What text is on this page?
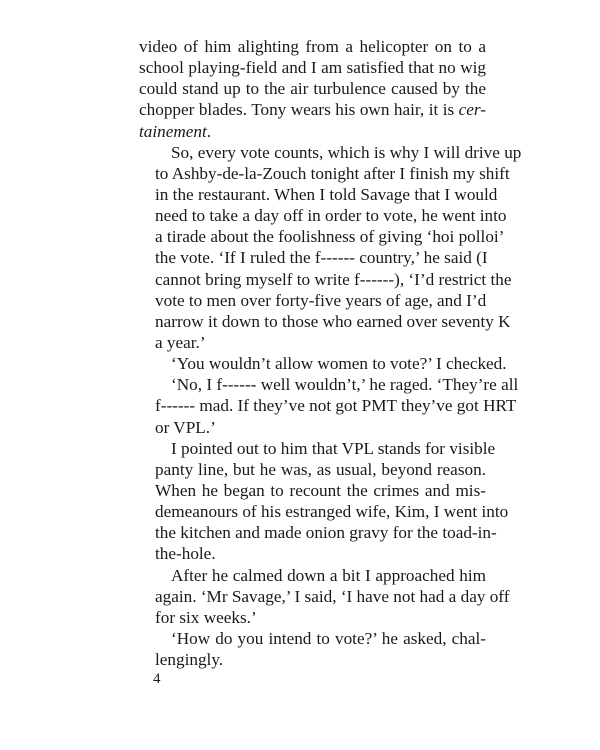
video of him alighting from a helicopter on to a
school playing-field and I am satisfied that no wig
could stand up to the air turbulence caused by the
chopper blades. Tony wears his own hair, it is cer-
tainement.
So, every vote counts, which is why I will drive up
to Ashby-de-la-Zouch tonight after I finish my shift
in the restaurant. When I told Savage that I would
need to take a day off in order to vote, he went into
a tirade about the foolishness of giving ‘hoi polloi’
the vote. ‘If I ruled the f------ country,’ he said (I
cannot bring myself to write f------), ‘I’d restrict the
vote to men over forty-five years of age, and I’d
narrow it down to those who earned over seventy K
a year.’
‘You wouldn’t allow women to vote?’ I checked.
‘No, I f------ well wouldn’t,’ he raged. ‘They’re all
f------ mad. If they’ve not got PMT they’ve got HRT
or VPL.’
I pointed out to him that VPL stands for visible
panty line, but he was, as usual, beyond reason.
When he began to recount the crimes and mis-
demeanours of his estranged wife, Kim, I went into
the kitchen and made onion gravy for the toad-in-
the-hole.
After he calmed down a bit I approached him
again. ‘Mr Savage,’ I said, ‘I have not had a day off
for six weeks.’
‘How do you intend to vote?’ he asked, chal-
lengingly.
4
